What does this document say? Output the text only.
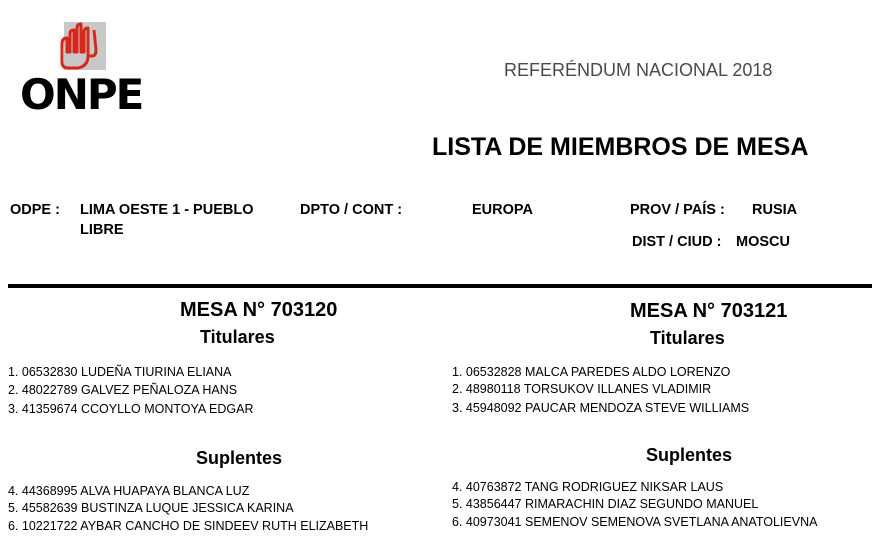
ONPE	REFERÉNDUM NACIONAL 2018
LISTA DE MIEMBROS DE MESA
ODPE : LIMA OESTE 1 - PUEBLO
LIBRE
DPTO / CONT :	EUROPA	PROV / PAÍS : RUSIA
DIST / CIUD : MOSCU
MESA N° 703120
Titulares
1. 06532830 LUDEÑA TIURINA ELIANA
2. 48022789 GALVEZ PEÑALOZA HANS
3. 41359674 CCOYLLO MONTOYA EDGAR
Suplentes
4. 44368995 ALVA HUAPAYA BLANCA LUZ
5. 45582639 BUSTINZA LUQUE JESSICA KARINA
6. 10221722 AYBAR CANCHO DE SINDEEV RUTH ELIZABETH
MESA N° 703121
Titulares
1. 06532828 MALCA PAREDES ALDO LORENZO
2. 48980118 TORSUKOV ILLANES VLADIMIR
3. 45948092 PAUCAR MENDOZA STEVE WILLIAMS
Suplentes
4. 40763872 TANG RODRIGUEZ NIKSAR LAUS
5. 43856447 RIMARACHIN DIAZ SEGUNDO MANUEL
6. 40973041 SEMENOV SEMENOVA SVETLANA ANATOLIEVNA
